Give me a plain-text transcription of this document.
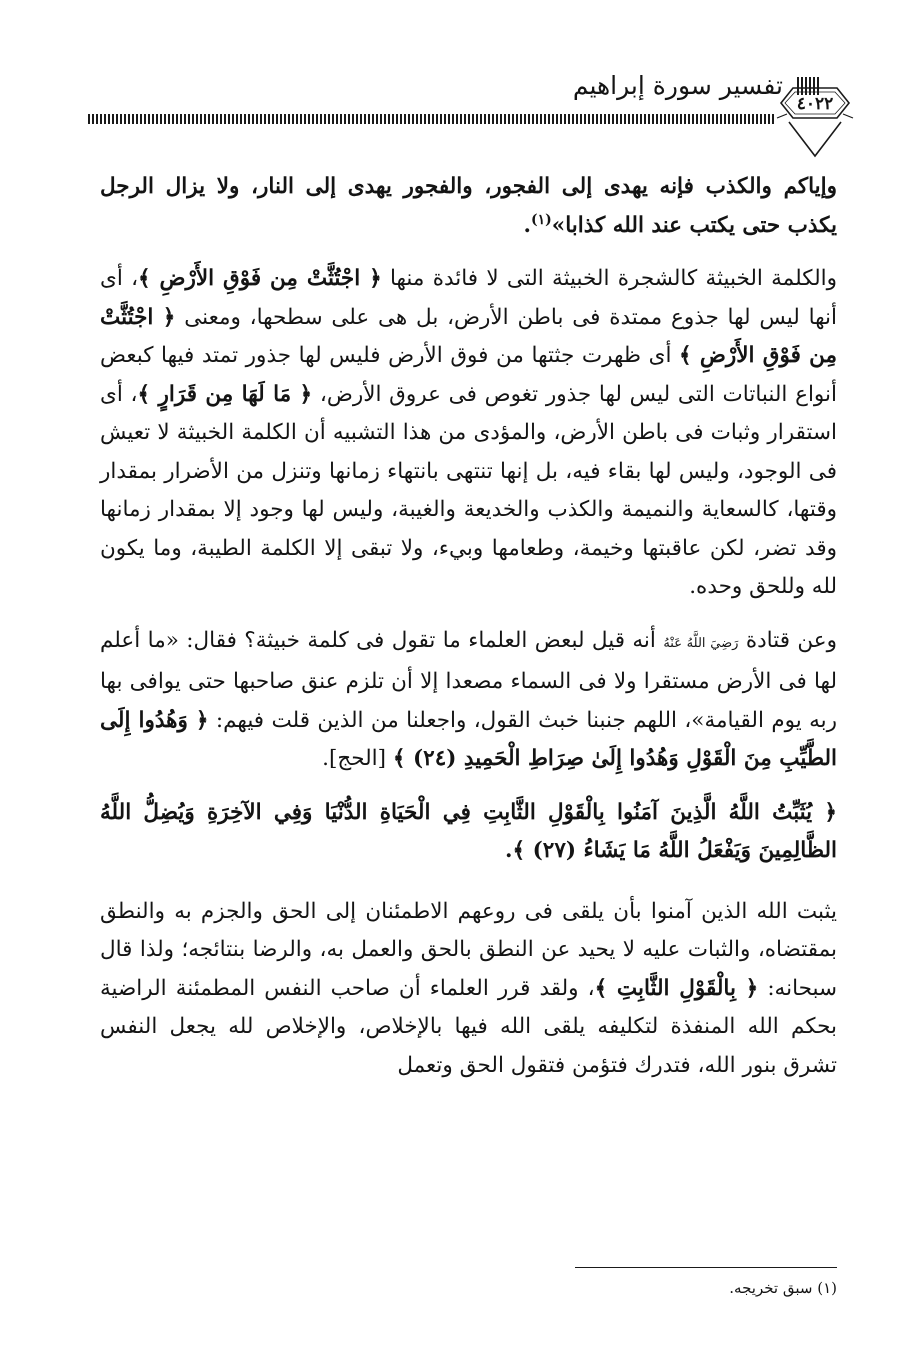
تفسير سورة إبراهيم
٤٠٢٢

وإياكم والكذب فإنه يهدى إلى الفجور، والفجور يهدى إلى النار، ولا يزال الرجل يكذب حتى يكتب عند الله كذابا»$^{(١)}$.

والكلمة الخبيثة كالشجرة الخبيثة التى لا فائدة منها ﴿ اجْتُثَّتْ مِن فَوْقِ الأَرْضِ ﴾، أى أنها ليس لها جذوع ممتدة فى باطن الأرض، بل هى على سطحها، ومعنى ﴿ اجْتُثَّتْ مِن فَوْقِ الأَرْضِ ﴾ أى ظهرت جثتها من فوق الأرض فليس لها جذور تمتد فيها كبعض أنواع النباتات التى ليس لها جذور تغوص فى عروق الأرض، ﴿ مَا لَهَا مِن قَرَارٍ ﴾، أى استقرار وثبات فى باطن الأرض، والمؤدى من هذا التشبيه أن الكلمة الخبيثة لا تعيش فى الوجود، وليس لها بقاء فيه، بل إنها تنتهى بانتهاء زمانها وتنزل من الأضرار بمقدار وقتها، كالسعاية والنميمة والكذب والخديعة والغيبة، وليس لها وجود إلا بمقدار زمانها وقد تضر، لكن عاقبتها وخيمة، وطعامها وبيء، ولا تبقى إلا الكلمة الطيبة، وما يكون لله وللحق وحده.

وعن قتادة رَضِيَ اللَّهُ عَنْهُ أنه قيل لبعض العلماء ما تقول فى كلمة خبيثة؟ فقال: «ما أعلم لها فى الأرض مستقرا ولا فى السماء مصعدا إلا أن تلزم عنق صاحبها حتى يوافى بها ربه يوم القيامة»، اللهم جنبنا خبث القول، واجعلنا من الذين قلت فيهم: ﴿ وَهُدُوا إِلَى الطَّيِّبِ مِنَ الْقَوْلِ وَهُدُوا إِلَىٰ صِرَاطِ الْحَمِيدِ (٢٤) ﴾ [الحج].

﴿ يُثَبِّتُ اللَّهُ الَّذِينَ آمَنُوا بِالْقَوْلِ الثَّابِتِ فِي الْحَيَاةِ الدُّنْيَا وَفِي الآخِرَةِ وَيُضِلُّ اللَّهُ الظَّالِمِينَ وَيَفْعَلُ اللَّهُ مَا يَشَاءُ (٢٧) ﴾.

يثبت الله الذين آمنوا بأن يلقى فى روعهم الاطمئنان إلى الحق والجزم به والنطق بمقتضاه، والثبات عليه لا يحيد عن النطق بالحق والعمل به، والرضا بنتائجه؛ ولذا قال سبحانه: ﴿ بِالْقَوْلِ الثَّابِتِ ﴾، ولقد قرر العلماء أن صاحب النفس المطمئنة الراضية بحكم الله المنفذة لتكليفه يلقى الله فيها بالإخلاص، والإخلاص لله يجعل النفس تشرق بنور الله، فتدرك فتؤمن فتقول الحق وتعمل

(١) سبق تخريجه.
